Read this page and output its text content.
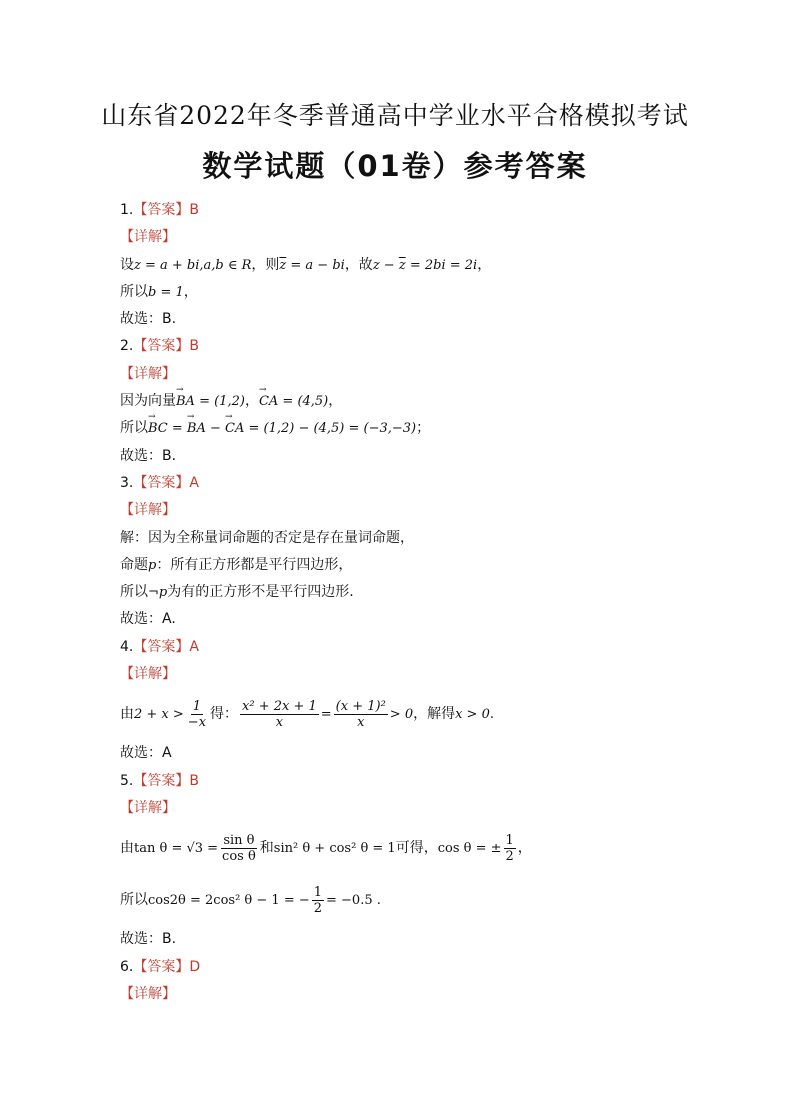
山东省2022年冬季普通高中学业水平合格模拟考试
数学试题（01卷）参考答案
1.【答案】B
【详解】
设z = a + bi,a,b ∈ R，则$\overline{z} = a$ − bi，故$z - \overline{z} = 2bi = 2i$，
所以b = 1，
故选：B.
2.【答案】B
【详解】
因为向量→ BA = (1,2)，→ CA = (4,5)，
所以→ BC = → BA − → CA = (1,2) − (4,5) = (−3,−3)；
故选：B.
3.【答案】A
【详解】
解：因为全称量词命题的否定是存在量词命题，
命题p：所有正方形都是平行四边形，
所以¬p为有的正方形不是平行四边形.
故选：A.
4.【答案】A
【详解】
由 $2 + x > \frac{1}{-x}$ 得： $\frac{\text{x² + 2x + 1}}{x} = \frac{\text{(x + 1)²}}{x} > 0$ ，解得 x > 0 .
故选：A
5.【答案】B
【详解】
由 $\tan \theta = √3 = \frac{\text{sin θ}}{\text{cos θ}}$ 和 sin² θ + cos² θ = 1 可得， cos θ = ± $\frac{1}{2}$ ，
所以 cos2θ = 2cos² θ − 1 = − $\frac{1}{2} = -0.5$ .
故选：B.
6.【答案】D
【详解】
